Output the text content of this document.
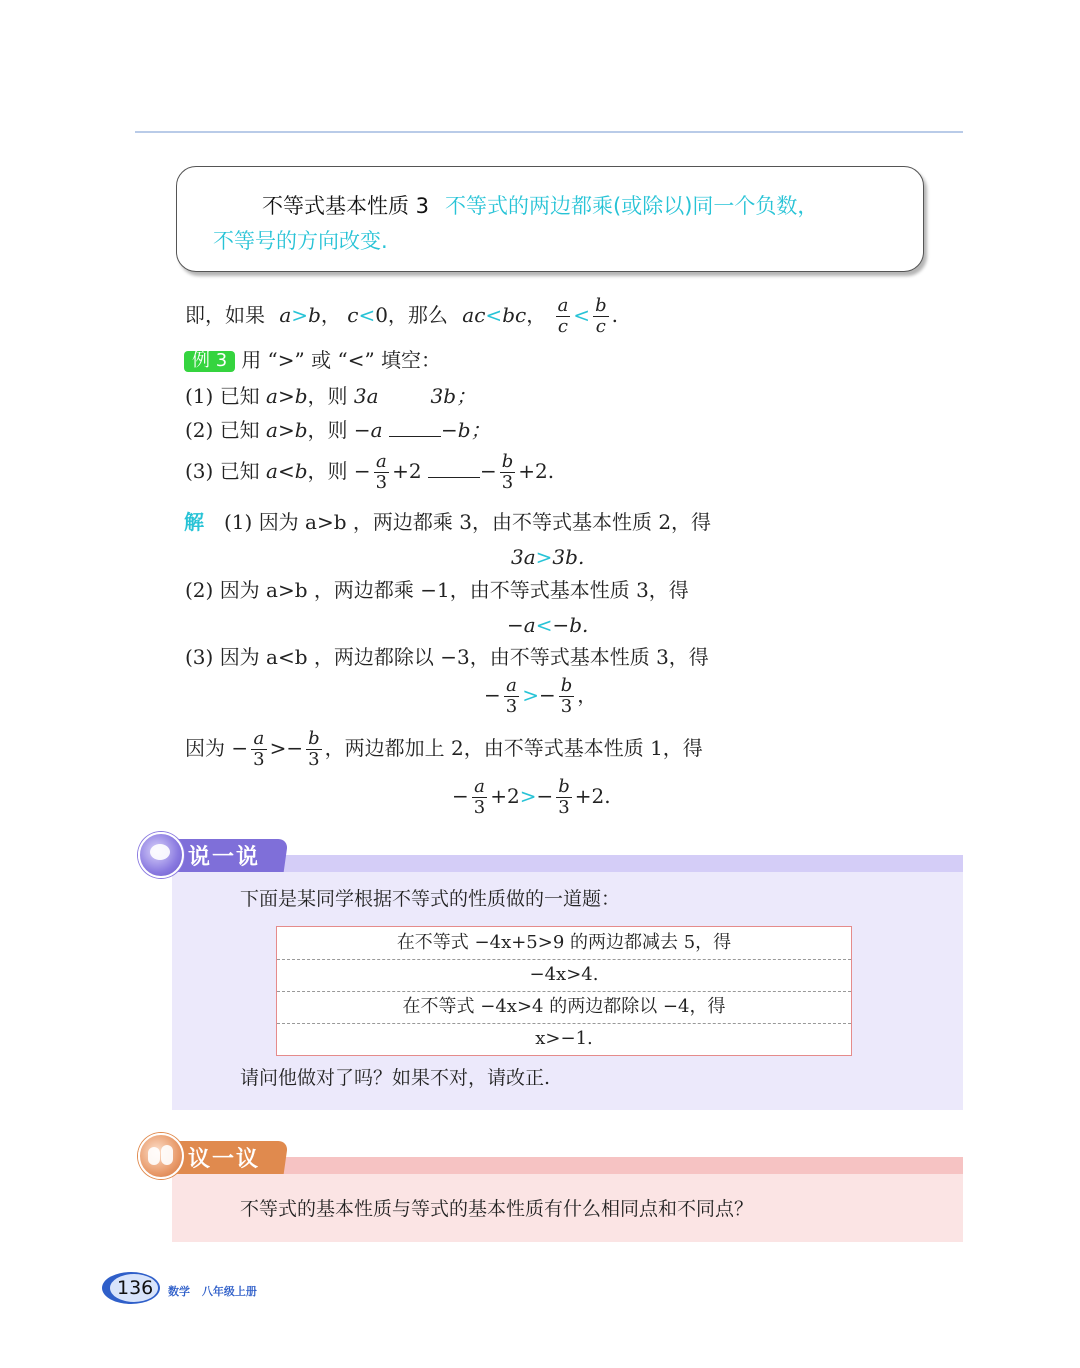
不等式基本性质 3 不等式的两边都乘(或除以)同一个负数，
不等号的方向改变.
即，如果 a>b， c<0，那么 ac<bc， $\frac{a}{c} < \frac{b}{c}$ .
例 3 用 “>” 或 “<” 填空：
(1) 已知 a>b，则 3a	3b；
(2) 已知 a>b，则 −a	−b；
(3) 已知 a<b，则 − $\frac{a}{3} +2$	− $\frac{b}{3} +2$.
解 (1) 因为 a>b ，两边都乘 3，由不等式基本性质 2，得
3a>3b.
(2) 因为 a>b ，两边都乘 −1，由不等式基本性质 3，得
−a<−b.
(3) 因为 a<b ，两边都除以 −3，由不等式基本性质 3，得
− $\frac{a}{3} >- \frac{b}{3}$ ，
因为 − $\frac{a}{3} >- \frac{b}{3}$ ，两边都加上 2，由不等式基本性质 1，得
− $\frac{a}{3} +2>- \frac{b}{3} +2$.
说一说
下面是某同学根据不等式的性质做的一道题：
在不等式 −4x+5>9 的两边都减去 5，得
−4x>4.
在不等式 −4x>4 的两边都除以 −4，得
x>−1.
请问他做对了吗？如果不对，请改正.
议一议
不等式的基本性质与等式的基本性质有什么相同点和不同点？
136 数学 八年级上册
